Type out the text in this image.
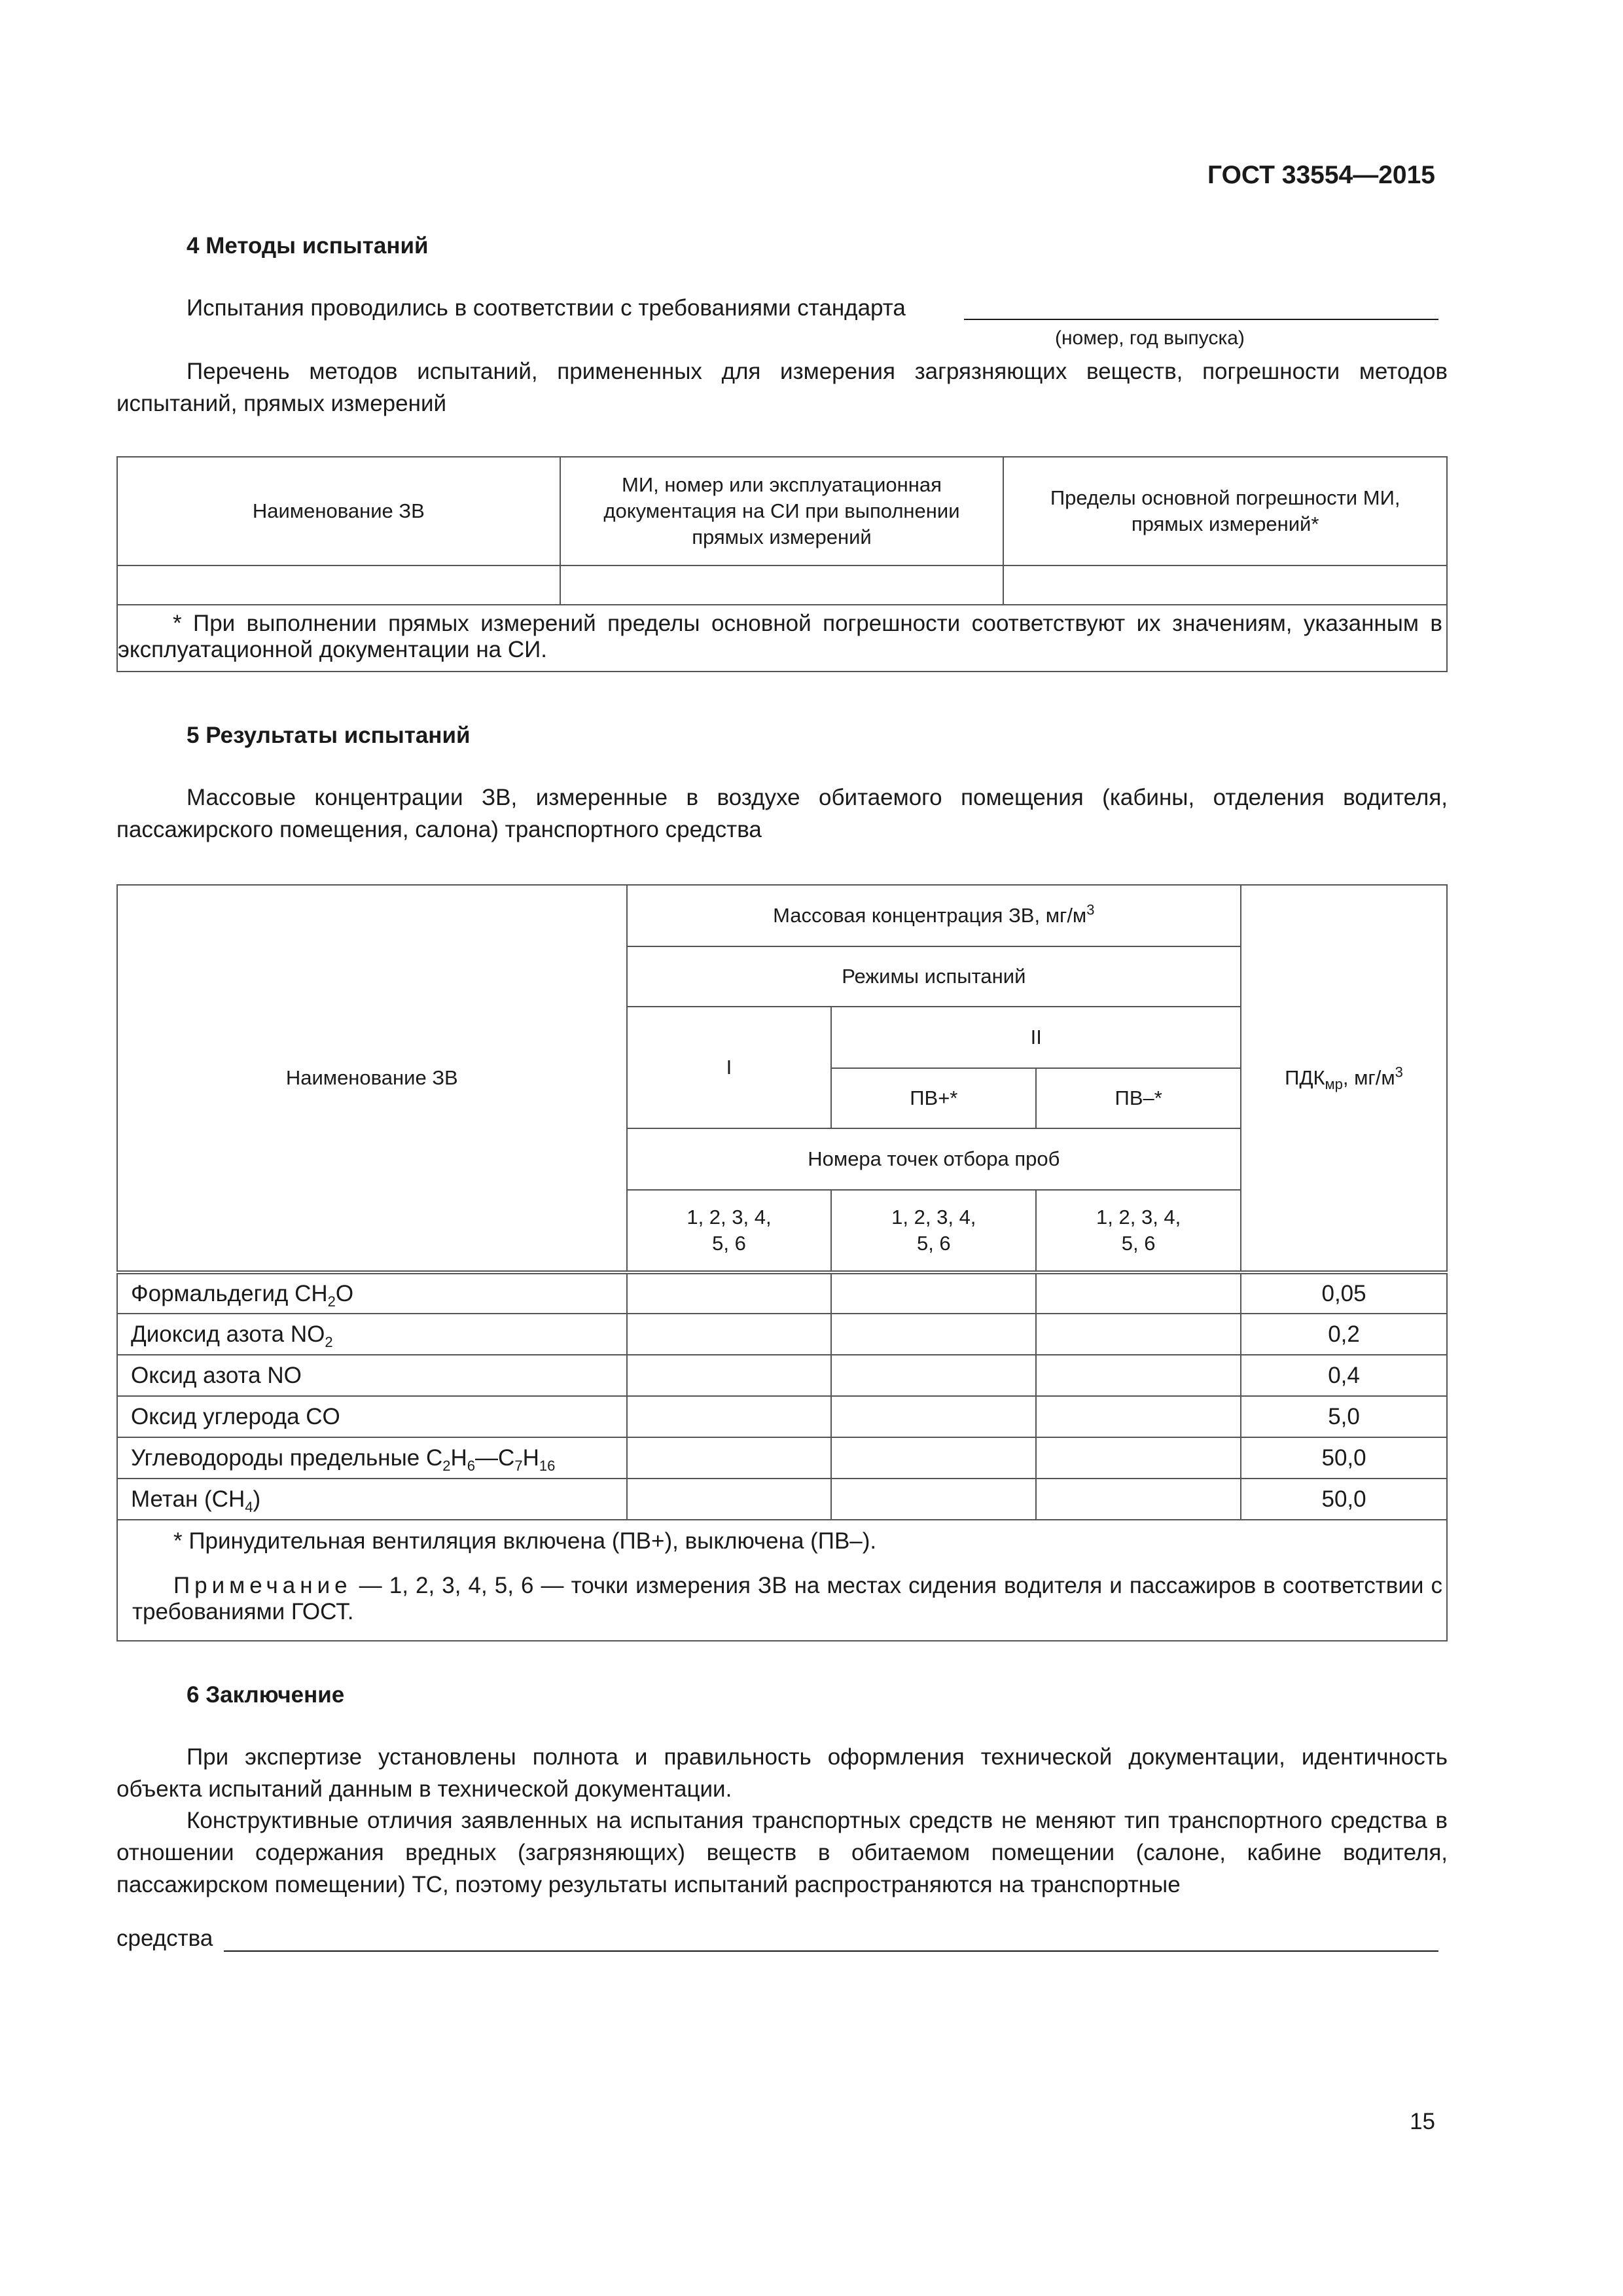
ГОСТ 33554—2015
4 Методы испытаний
Испытания проводились в соответствии с требованиями стандарта
(номер, год выпуска)
Перечень методов испытаний, примененных для измерения загрязняющих веществ, погрешности методов испытаний, прямых измерений
Наименование ЗВ	МИ, номер или эксплуатационная документация на СИ при выполнении прямых измерений	Пределы основной погрешности МИ, прямых измерений*

* При выполнении прямых измерений пределы основной погрешности соответствуют их значениям, указанным в эксплуатационной документации на СИ.		
5 Результаты испытаний
Массовые концентрации ЗВ, измеренные в воздухе обитаемого помещения (кабины, отделения водителя, пассажирского помещения, салона) транспортного средства
Наименование ЗВ	Массовая концентрация ЗВ, $мг/м^3$			$ПДК_{мр}$, $мг/м^3$
	Режимы испытаний			
	I	II		
		ПВ+*	ПВ–*	
	Номера точек отбора проб			
	1, 2, 3, 4, 5, 6	1, 2, 3, 4, 5, 6	1, 2, 3, 4, 5, 6	
Формальдегид $CH_2O$				0,05
Диоксид азота $NO_2$				0,2
Оксид азота NO				0,4
Оксид углерода CO				5,0
Углеводороды предельные $C_2H_6—C_7H_{16}$				50,0
Метан $(CH_4)$				50,0

* Принудительная вентиляция включена (ПВ+), выключена (ПВ–).
Примечание — 1, 2, 3, 4, 5, 6 — точки измерения ЗВ на местах сидения водителя и пассажиров в соответствии с требованиями ГОСТ.				
6 Заключение
При экспертизе установлены полнота и правильность оформления технической документации, идентичность объекта испытаний данным в технической документации.
Конструктивные отличия заявленных на испытания транспортных средств не меняют тип транспортного средства в отношении содержания вредных (загрязняющих) веществ в обитаемом помещении (салоне, кабине водителя, пассажирском помещении) ТС, поэтому результаты испытаний распространяются на транспортные
средства
15
